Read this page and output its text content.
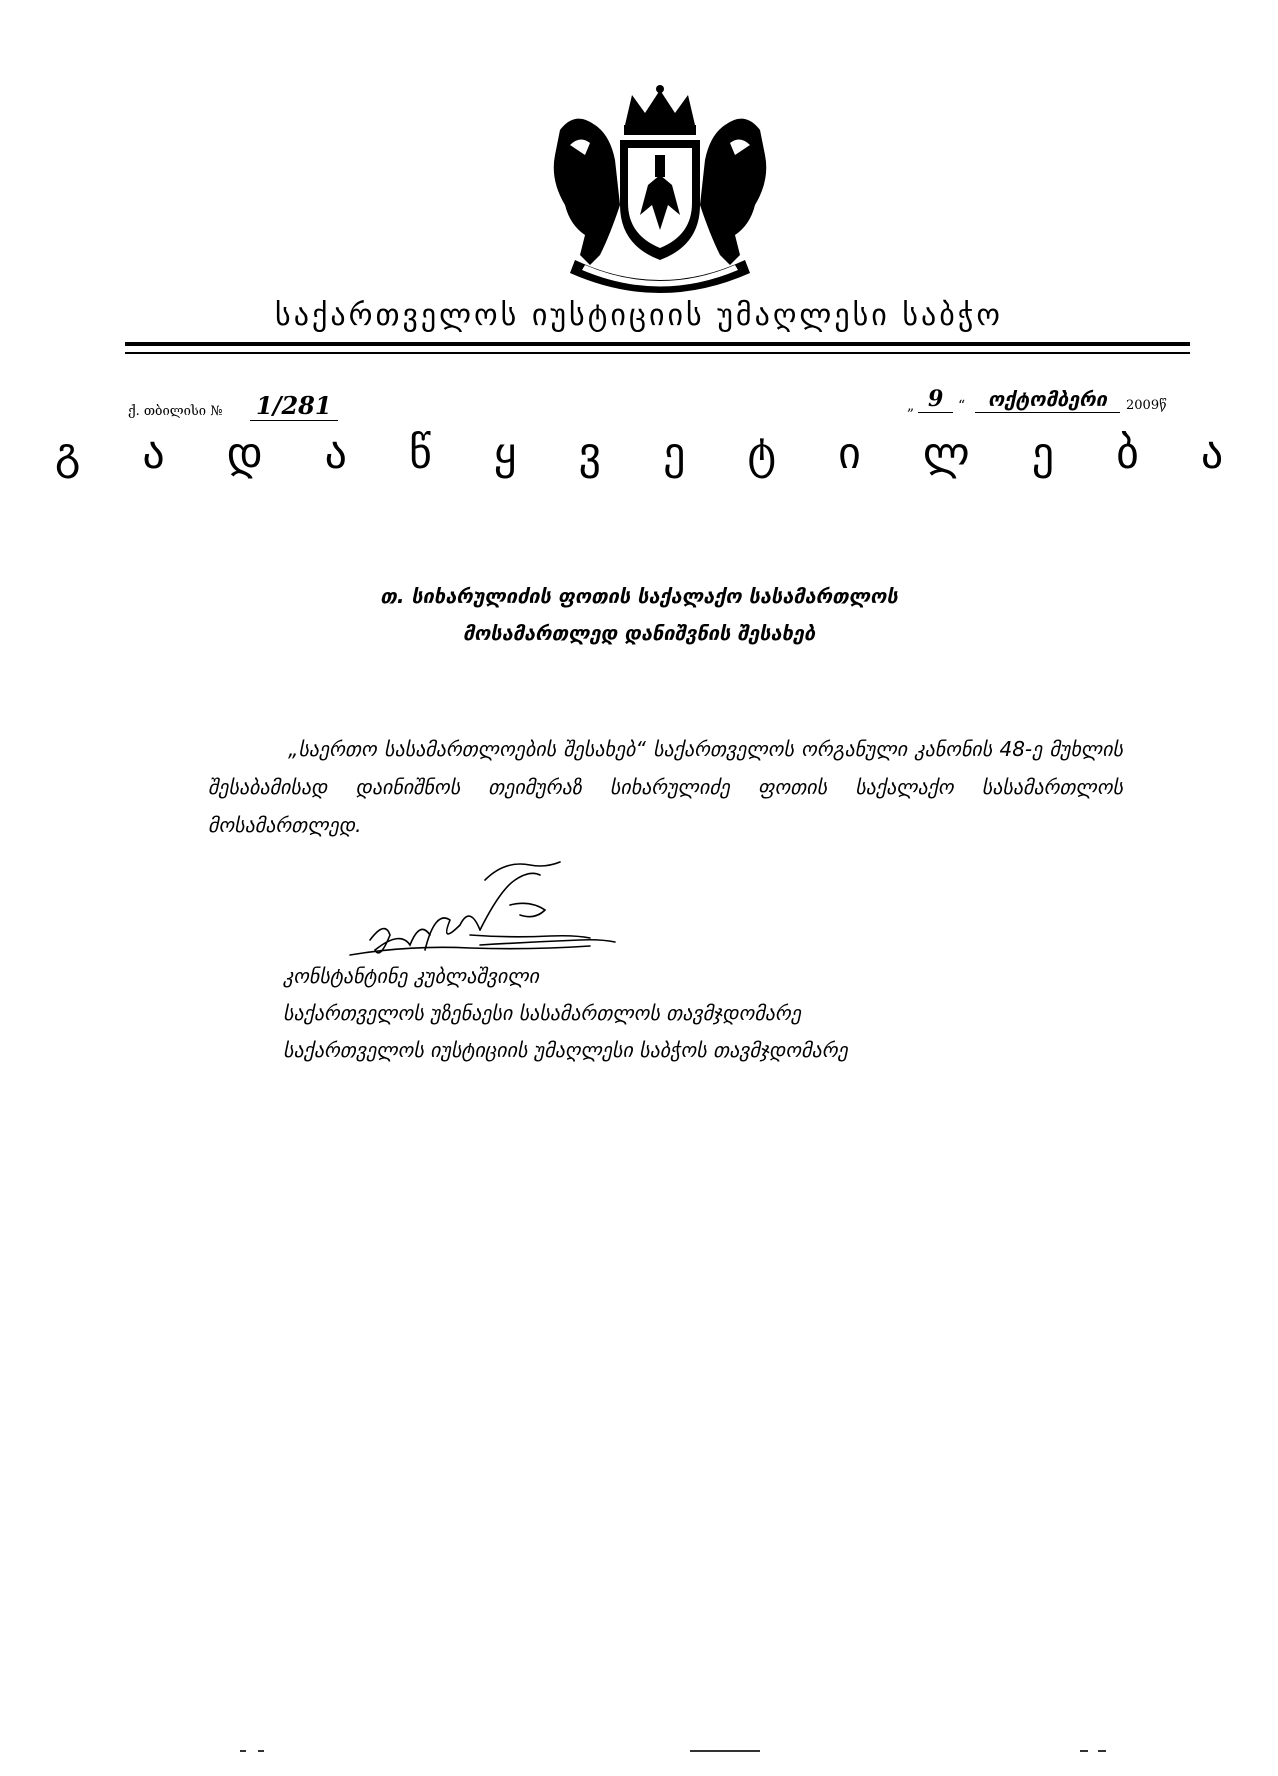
საქართველოს იუსტიციის უმაღლესი საბჭო
ქ. თბილისი № 1/281	„ 9	“	ოქტომბერი	2009წ
გ ა დ ა წ ყ ვ ე ტ ი ლ ე ბ ა
თ. სიხარულიძის ფოთის საქალაქო სასამართლოს
მოსამართლედ დანიშვნის შესახებ
„საერთო სასამართლოების შესახებ“ საქართველოს ორგანული კანონის 48-ე მუხლის შესაბამისად დაინიშნოს თეიმურაზ სიხარულიძე ფოთის საქალაქო სასამართლოს მოსამართლედ.
კონსტანტინე კუბლაშვილი
საქართველოს უზენაესი სასამართლოს თავმჯდომარე
საქართველოს იუსტიციის უმაღლესი საბჭოს თავმჯდომარე
